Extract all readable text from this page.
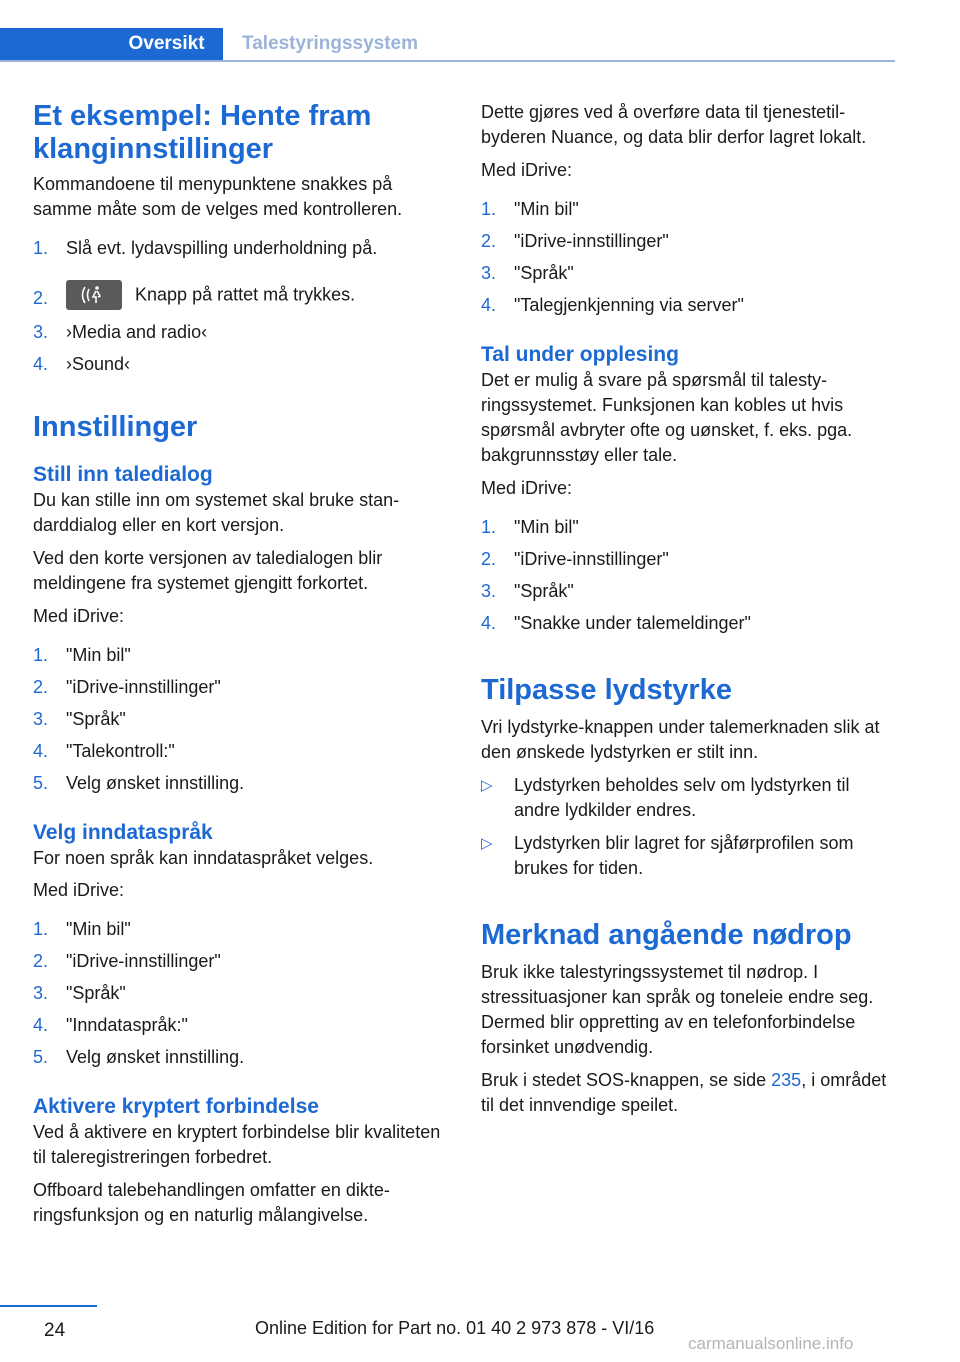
Oversikt	Talestyringssystem
Et eksempel: Hente fram klanginnstillinger

Kommandoene til menypunktene snakkes på samme måte som de velges med kontrolleren.

1. Slå evt. lydavspilling underholdning på.
2.	Knapp på rattet må trykkes.
3. ›Media and radio‹
4. ›Sound‹
Innstillinger
Still inn taledialog

Du kan stille inn om systemet skal bruke standarddialog eller en kort versjon.

Ved den korte versjonen av taledialogen blir meldingene fra systemet gjengitt forkortet.

Med iDrive:

1. "Min bil"
2. "iDrive-innstillinger"
3. "Språk"
4. "Talekontroll:"
5. Velg ønsket innstilling.
Velg inndataspråk

For noen språk kan inndataspråket velges.

Med iDrive:

1. "Min bil"
2. "iDrive-innstillinger"
3. "Språk"
4. "Inndataspråk:"
5. Velg ønsket innstilling.
Aktivere kryptert forbindelse

Ved å aktivere en kryptert forbindelse blir kvaliteten til taleregistreringen forbedret.

Offboard talebehandlingen omfatter en dikteringsfunksjon og en naturlig målangivelse.

Dette gjøres ved å overføre data til tjenestetilbyderen Nuance, og data blir derfor lagret lokalt.

Med iDrive:

1. "Min bil"
2. "iDrive-innstillinger"
3. "Språk"
4. "Talegjenkjenning via server"
Tal under opplesing

Det er mulig å svare på spørsmål til talestyringssystemet. Funksjonen kan kobles ut hvis spørsmål avbryter ofte og uønsket, f. eks. pga. bakgrunnsstøy eller tale.

Med iDrive:

1. "Min bil"
2. "iDrive-innstillinger"
3. "Språk"
4. "Snakke under talemeldinger"
Tilpasse lydstyrke

Vri lydstyrke-knappen under talemerknaden slik at den ønskede lydstyrken er stilt inn.

▷ Lydstyrken beholdes selv om lydstyrken til andre lydkilder endres.
▷ Lydstyrken blir lagret for sjåførprofilen som brukes for tiden.
Merknad angående nødrop

Bruk ikke talestyringssystemet til nødrop. I stressituasjoner kan språk og toneleie endre seg. Dermed blir oppretting av en telefonforbindelse forsinket unødvendig.

Bruk i stedet SOS-knappen, se side 235, i området til det innvendige speilet.

24	Online Edition for Part no. 01 40 2 973 878 - VI/16
carmanualsonline.info
